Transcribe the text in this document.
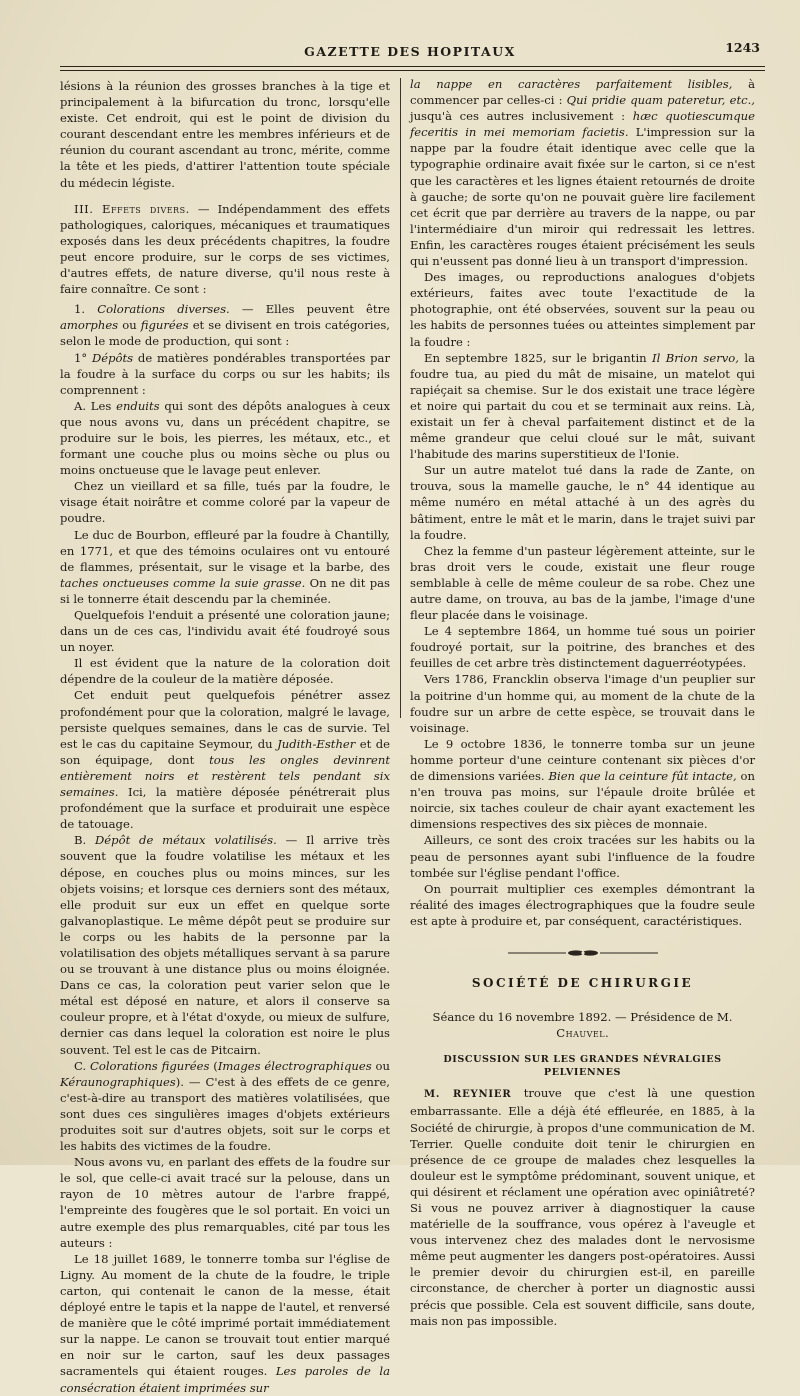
GAZETTE DES HOPITAUX	1243

lésions à la réunion des grosses branches à la tige et principalement à la bifurcation du tronc, lorsqu'elle existe. Cet endroit, qui est le point de division du courant descendant entre les membres inférieurs et de réunion du courant ascendant au tronc, mérite, comme la tête et les pieds, d'attirer l'attention toute spéciale du médecin légiste.

III. Effets divers. — Indépendamment des effets pathologiques, caloriques, mécaniques et traumatiques exposés dans les deux précédents chapitres, la foudre peut encore produire, sur le corps de ses victimes, d'autres effets, de nature diverse, qu'il nous reste à faire connaître. Ce sont :

1. Colorations diverses. — Elles peuvent être amorphes ou figurées et se divisent en trois catégories, selon le mode de production, qui sont :

1° Dépôts de matières pondérables transportées par la foudre à la surface du corps ou sur les habits; ils comprennent :

A. Les enduits qui sont des dépôts analogues à ceux que nous avons vu, dans un précédent chapitre, se produire sur le bois, les pierres, les métaux, etc., et formant une couche plus ou moins sèche ou plus ou moins onctueuse que le lavage peut enlever.

Chez un vieillard et sa fille, tués par la foudre, le visage était noirâtre et comme coloré par la vapeur de poudre.

Le duc de Bourbon, effleuré par la foudre à Chantilly, en 1771, et que des témoins oculaires ont vu entouré de flammes, présentait, sur le visage et la barbe, des taches onctueuses comme la suie grasse. On ne dit pas si le tonnerre était descendu par la cheminée.

Quelquefois l'enduit a présenté une coloration jaune; dans un de ces cas, l'individu avait été foudroyé sous un noyer.

Il est évident que la nature de la coloration doit dépendre de la couleur de la matière déposée.

Cet enduit peut quelquefois pénétrer assez profondément pour que la coloration, malgré le lavage, persiste quelques semaines, dans le cas de survie. Tel est le cas du capitaine Seymour, du Judith-Esther et de son équipage, dont tous les ongles devinrent entièrement noirs et restèrent tels pendant six semaines. Ici, la matière déposée pénétrerait plus profondément que la surface et produirait une espèce de tatouage.

B. Dépôt de métaux volatilisés. — Il arrive très souvent que la foudre volatilise les métaux et les dépose, en couches plus ou moins minces, sur les objets voisins; et lorsque ces derniers sont des métaux, elle produit sur eux un effet en quelque sorte galvanoplastique. Le même dépôt peut se produire sur le corps ou les habits de la personne par la volatilisation des objets métalliques servant à sa parure ou se trouvant à une distance plus ou moins éloignée. Dans ce cas, la coloration peut varier selon que le métal est déposé en nature, et alors il conserve sa couleur propre, et à l'état d'oxyde, ou mieux de sulfure, dernier cas dans lequel la coloration est noire le plus souvent. Tel est le cas de Pitcairn.

C. Colorations figurées (Images électrographiques ou Kéraunographiques). — C'est à des effets de ce genre, c'est-à-dire au transport des matières volatilisées, que sont dues ces singulières images d'objets extérieurs produites soit sur d'autres objets, soit sur le corps et les habits des victimes de la foudre.

Nous avons vu, en parlant des effets de la foudre sur le sol, que celle-ci avait tracé sur la pelouse, dans un rayon de 10 mètres autour de l'arbre frappé, l'empreinte des fougères que le sol portait. En voici un autre exemple des plus remarquables, cité par tous les auteurs :

Le 18 juillet 1689, le tonnerre tomba sur l'église de Ligny. Au moment de la chute de la foudre, le triple carton, qui contenait le canon de la messe, était déployé entre le tapis et la nappe de l'autel, et renversé de manière que le côté imprimé portait immédiatement sur la nappe. Le canon se trouvait tout entier marqué en noir sur le carton, sauf les deux passages sacramentels qui étaient rouges. Les paroles de la consécration étaient imprimées sur

la nappe en caractères parfaitement lisibles, à commencer par celles-ci : Qui pridie quam pateretur, etc., jusqu'à ces autres inclusivement : hæc quotiescumque feceritis in mei memoriam facietis. L'impression sur la nappe par la foudre était identique avec celle que la typographie ordinaire avait fixée sur le carton, si ce n'est que les caractères et les lignes étaient retournés de droite à gauche; de sorte qu'on ne pouvait guère lire facilement cet écrit que par derrière au travers de la nappe, ou par l'intermédiaire d'un miroir qui redressait les lettres. Enfin, les caractères rouges étaient précisément les seuls qui n'eussent pas donné lieu à un transport d'impression.

Des images, ou reproductions analogues d'objets extérieurs, faites avec toute l'exactitude de la photographie, ont été observées, souvent sur la peau ou les habits de personnes tuées ou atteintes simplement par la foudre :

En septembre 1825, sur le brigantin Il Brion servo, la foudre tua, au pied du mât de misaine, un matelot qui rapiéçait sa chemise. Sur le dos existait une trace légère et noire qui partait du cou et se terminait aux reins. Là, existait un fer à cheval parfaitement distinct et de la même grandeur que celui cloué sur le mât, suivant l'habitude des marins superstitieux de l'Ionie.

Sur un autre matelot tué dans la rade de Zante, on trouva, sous la mamelle gauche, le n° 44 identique au même numéro en métal attaché à un des agrès du bâtiment, entre le mât et le marin, dans le trajet suivi par la foudre.

Chez la femme d'un pasteur légèrement atteinte, sur le bras droit vers le coude, existait une fleur rouge semblable à celle de même couleur de sa robe. Chez une autre dame, on trouva, au bas de la jambe, l'image d'une fleur placée dans le voisinage.

Le 4 septembre 1864, un homme tué sous un poirier foudroyé portait, sur la poitrine, des branches et des feuilles de cet arbre très distinctement daguerréotypées.

Vers 1786, Francklin observa l'image d'un peuplier sur la poitrine d'un homme qui, au moment de la chute de la foudre sur un arbre de cette espèce, se trouvait dans le voisinage.

Le 9 octobre 1836, le tonnerre tomba sur un jeune homme porteur d'une ceinture contenant six pièces d'or de dimensions variées. Bien que la ceinture fût intacte, on n'en trouva pas moins, sur l'épaule droite brûlée et noircie, six taches couleur de chair ayant exactement les dimensions respectives des six pièces de monnaie.

Ailleurs, ce sont des croix tracées sur les habits ou la peau de personnes ayant subi l'influence de la foudre tombée sur l'église pendant l'office.

On pourrait multiplier ces exemples démontrant la réalité des images électrographiques que la foudre seule est apte à produire et, par conséquent, caractéristiques.

SOCIÉTÉ DE CHIRURGIE

Séance du 16 novembre 1892. — Présidence de M. Chauvel.

DISCUSSION SUR LES GRANDES NÉVRALGIES PELVIENNES

M. REYNIER trouve que c'est là une question embarrassante. Elle a déjà été effleurée, en 1885, à la Société de chirurgie, à propos d'une communication de M. Terrier. Quelle conduite doit tenir le chirurgien en présence de ce groupe de malades chez lesquelles la douleur est le symptôme prédominant, souvent unique, et qui désirent et réclament une opération avec opiniâtreté? Si vous ne pouvez arriver à diagnostiquer la cause matérielle de la souffrance, vous opérez à l'aveugle et vous intervenez chez des malades dont le nervosisme même peut augmenter les dangers post-opératoires. Aussi le premier devoir du chirurgien est-il, en pareille circonstance, de chercher à porter un diagnostic aussi précis que possible. Cela est souvent difficile, sans doute, mais non pas impossible.
